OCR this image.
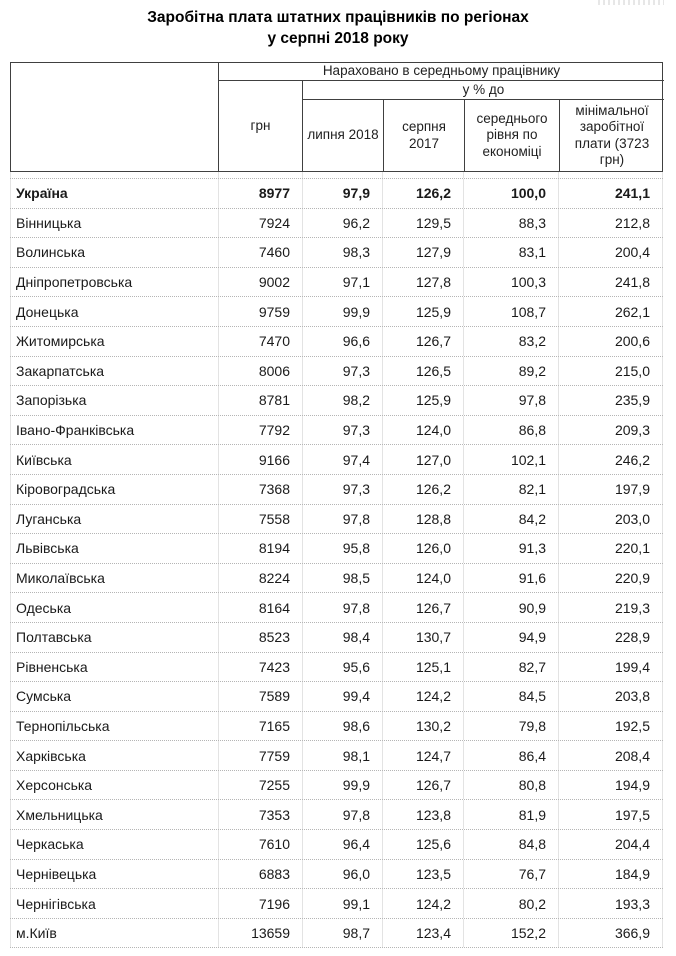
Заробітна плата штатних працівників по регіонах
у серпні 2018 року
Нараховано в середньому працівнику
грн
у % до
липня 2018
серпня 2017
середнього рівня по економіці
мінімальної заробітної плати (3723 грн)
Україна	8977	97,9	126,2	100,0	241,1
Вінницька	7924	96,2	129,5	88,3	212,8
Волинська	7460	98,3	127,9	83,1	200,4
Дніпропетровська	9002	97,1	127,8	100,3	241,8
Донецька	9759	99,9	125,9	108,7	262,1
Житомирська	7470	96,6	126,7	83,2	200,6
Закарпатська	8006	97,3	126,5	89,2	215,0
Запорізька	8781	98,2	125,9	97,8	235,9
Івано-Франківська	7792	97,3	124,0	86,8	209,3
Київська	9166	97,4	127,0	102,1	246,2
Кіровоградська	7368	97,3	126,2	82,1	197,9
Луганська	7558	97,8	128,8	84,2	203,0
Львівська	8194	95,8	126,0	91,3	220,1
Миколаївська	8224	98,5	124,0	91,6	220,9
Одеська	8164	97,8	126,7	90,9	219,3
Полтавська	8523	98,4	130,7	94,9	228,9
Рівненська	7423	95,6	125,1	82,7	199,4
Сумська	7589	99,4	124,2	84,5	203,8
Тернопільська	7165	98,6	130,2	79,8	192,5
Харківська	7759	98,1	124,7	86,4	208,4
Херсонська	7255	99,9	126,7	80,8	194,9
Хмельницька	7353	97,8	123,8	81,9	197,5
Черкаська	7610	96,4	125,6	84,8	204,4
Чернівецька	6883	96,0	123,5	76,7	184,9
Чернігівська	7196	99,1	124,2	80,2	193,3
м.Київ	13659	98,7	123,4	152,2	366,9
